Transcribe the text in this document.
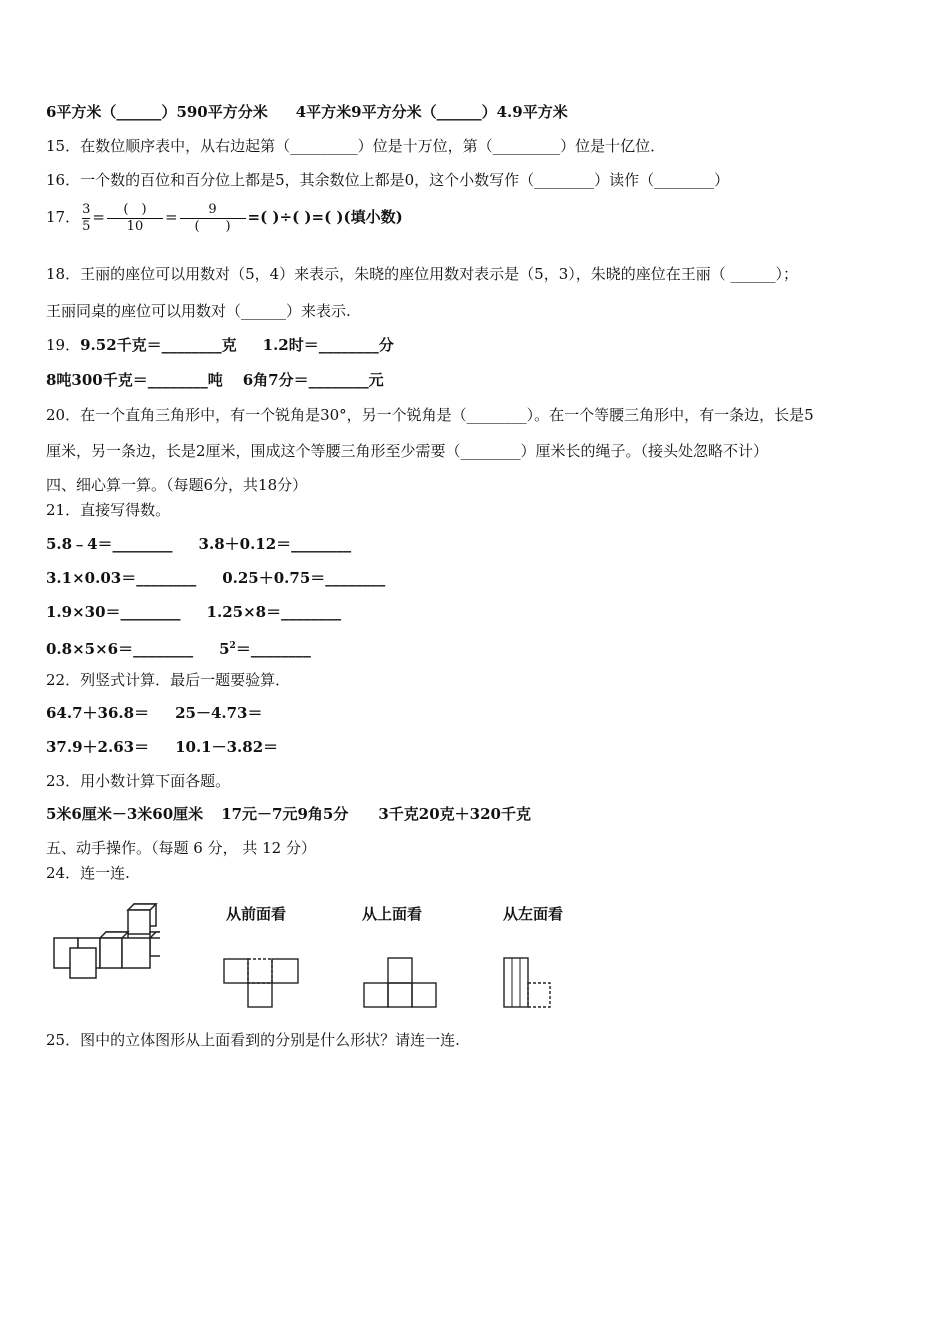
6平方米（______）590平方分米 4平方米9平方分米（______）4.9平方米
15．在数位顺序表中，从右边起第（_________）位是十万位，第（_________）位是十亿位．
16．一个数的百位和百分位上都是5，其余数位上都是0，这个小数写作（________）读作（________）
17． $\frac{3}{5} = \frac{( )}{10} = \frac{9}{( )}$ =( )÷( )=( )(填小数)
18．王丽的座位可以用数对（5，4）来表示，朱晓的座位用数对表示是（5，3），朱晓的座位在王丽（ ______）；
王丽同桌的座位可以用数对（______）来表示.
19．9.52千克＝________克 1.2时＝________分
8吨300千克＝________吨 6角7分＝________元
20．在一个直角三角形中，有一个锐角是30°，另一个锐角是（________）。在一个等腰三角形中，有一条边，长是5
厘米，另一条边，长是2厘米，围成这个等腰三角形至少需要（________）厘米长的绳子。（接头处忽略不计）
四、细心算一算。（每题6分，共18分）
21．直接写得数。
5.8﹣4＝________ 3.8＋0.12＝________
3.1×0.03＝________ 0.25＋0.75＝________
1.9×30＝________ 1.25×8＝________
0.8×5×6＝________ $5^2=\_\_\_\_\_\_\_\_$
22．列竖式计算．最后一题要验算．
64.7＋36.8＝ 25－4.73＝
37.9＋2.63＝ 10.1－3.82＝
23．用小数计算下面各题。
5米6厘米－3米60厘米 17元－7元9角5分 3千克20克＋320千克
五、动手操作。（每题 6 分， 共 12 分）
24．连一连.
从前面看	从上面看	从左面看
25．图中的立体图形从上面看到的分别是什么形状？请连一连.
